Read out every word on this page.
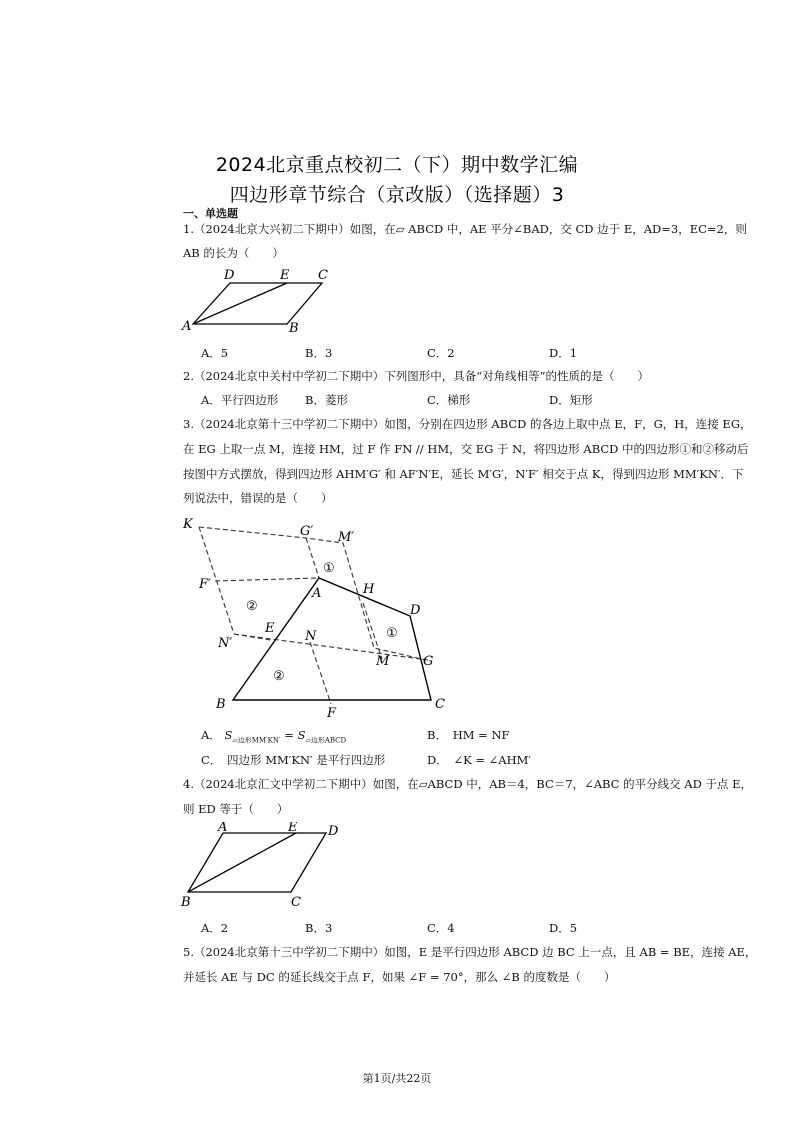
2024北京重点校初二（下）期中数学汇编
四边形章节综合（京改版）（选择题）3
一、单选题
1.（2024北京大兴初二下期中）如图，在▱ ABCD 中，AE 平分∠BAD，交 CD 边于 E，AD=3，EC=2，则
AB 的长为（　　）
D	E C
A	B
A．5	B．3	C．2	D．1
2.（2024北京中关村中学初二下期中）下列图形中，具备“对角线相等”的性质的是（　　）
A．平行四边形 B．菱形	C．梯形	D．矩形
3.（2024北京第十三中学初二下期中）如图，分别在四边形 ABCD 的各边上取中点 E，F，G，H，连接 EG，
在 EG 上取一点 M，连接 HM，过 F 作 FN // HM，交 EG 于 N，将四边形 ABCD 中的四边形①和②移动后
按图中方式摆放，得到四边形 AHM′G′ 和 AF′N′E，延长 M′G′，N′F′ 相交于点 K，得到四边形 MM′KN′．下
列说法中，错误的是（　　）
K	G′ M′
①
F′
②
A	H
D
①
E
N
N′
M	G
②
B
F
C
A． $S_{▱边形MM'KN'} = S_{▱边形ABCD}$	B．　HM = NF
C．　四边形 MM′KN′ 是平行四边形	D．　∠K = ∠AHM′
4.（2024北京汇文中学初二下期中）如图，在▱ABCD 中，AB＝4，BC＝7，∠ABC 的平分线交 AD 于点 E，
则 ED 等于（　　）
A	E D
B	C
A．2	B．3	C．4	D．5
5.（2024北京第十三中学初二下期中）如图，E 是平行四边形 ABCD 边 BC 上一点，且 AB = BE，连接 AE，
并延长 AE 与 DC 的延长线交于点 F，如果 ∠F = 70°，那么 ∠B 的度数是（　　）
第1页/共22页
